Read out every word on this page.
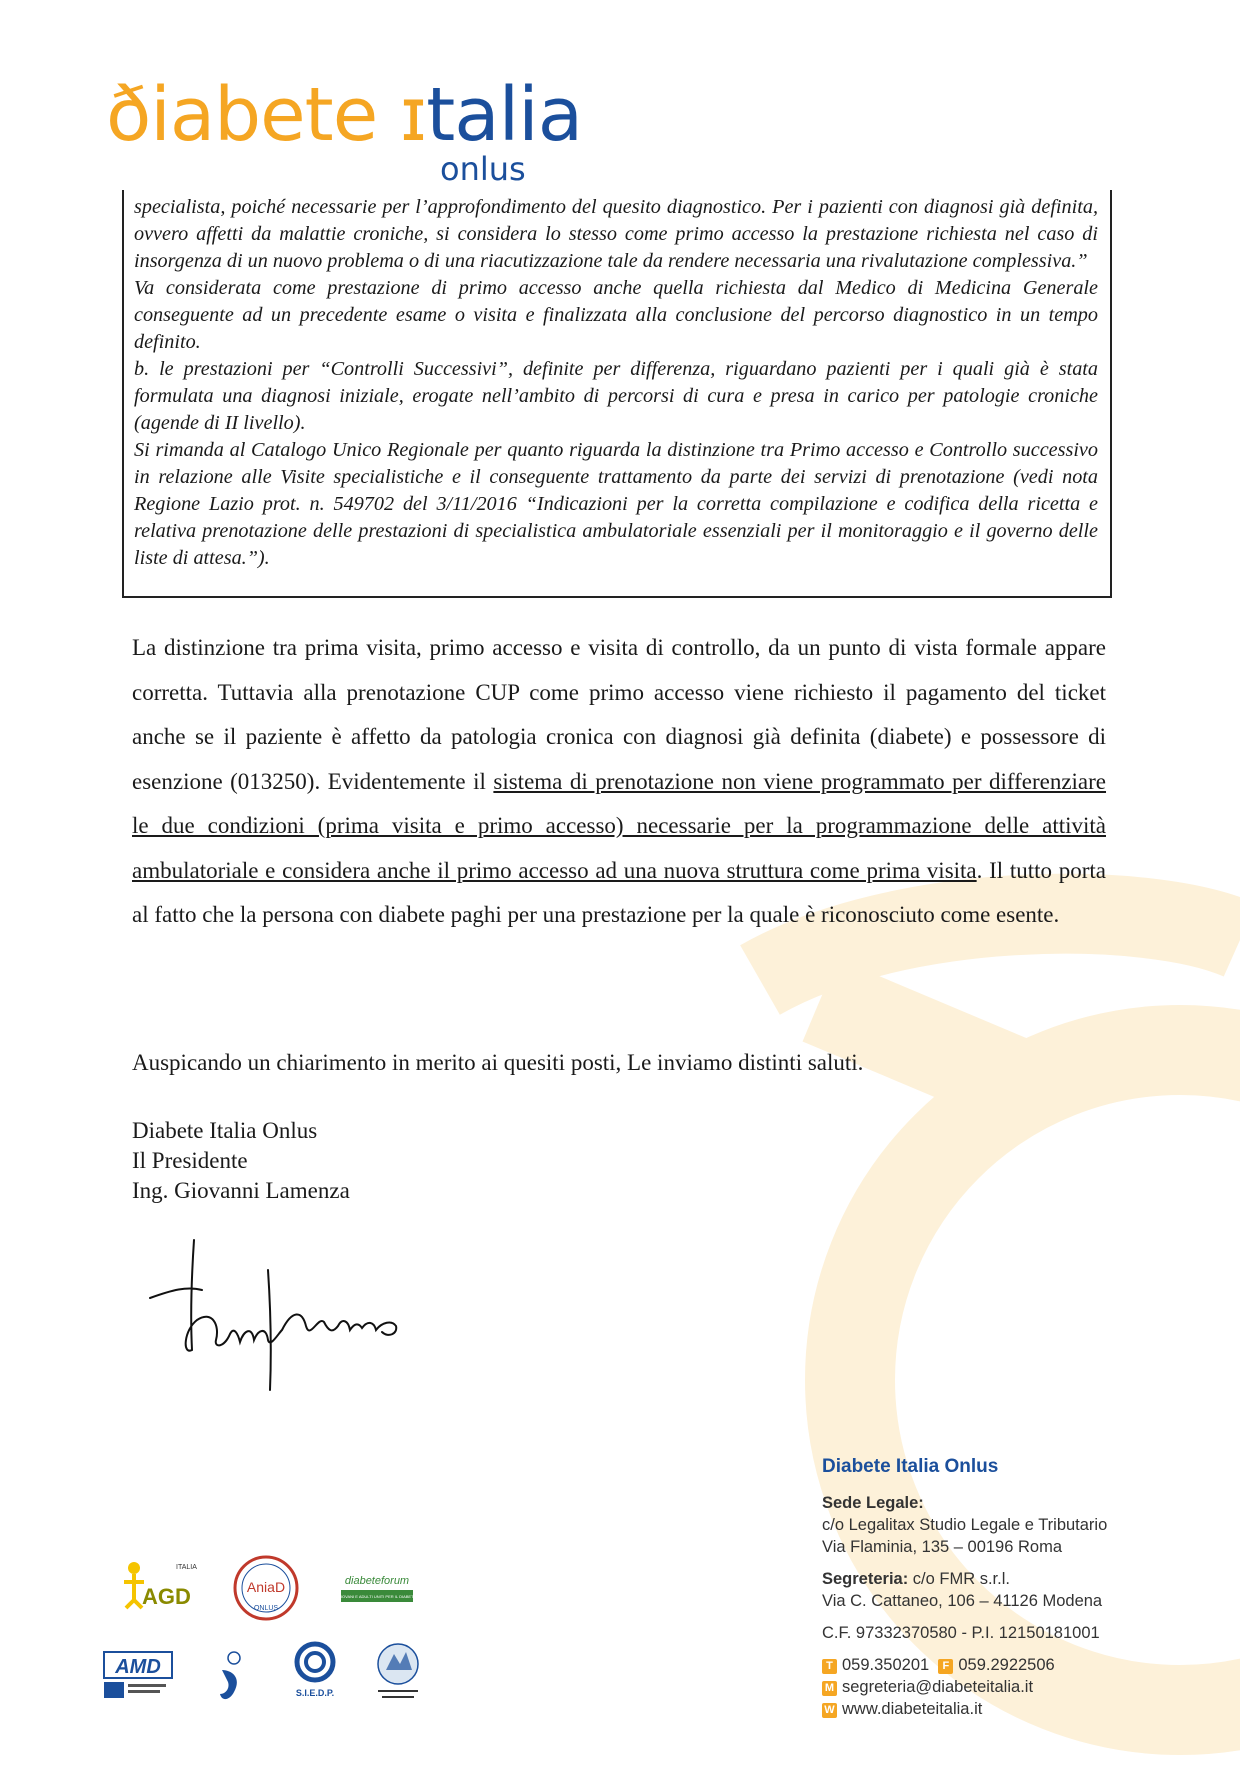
ðiabete ɪtalia
onlus

specialista, poiché necessarie per l’approfondimento del quesito diagnostico. Per i pazienti con diagnosi già definita, ovvero affetti da malattie croniche, si considera lo stesso come primo accesso la prestazione richiesta nel caso di insorgenza di un nuovo problema o di una riacutizzazione tale da rendere necessaria una rivalutazione complessiva.”

Va considerata come prestazione di primo accesso anche quella richiesta dal Medico di Medicina Generale conseguente ad un precedente esame o visita e finalizzata alla conclusione del percorso diagnostico in un tempo definito.

b. le prestazioni per “Controlli Successivi”, definite per differenza, riguardano pazienti per i quali già è stata formulata una diagnosi iniziale, erogate nell’ambito di percorsi di cura e presa in carico per patologie croniche (agende di II livello).

Si rimanda al Catalogo Unico Regionale per quanto riguarda la distinzione tra Primo accesso e Controllo successivo in relazione alle Visite specialistiche e il conseguente trattamento da parte dei servizi di prenotazione (vedi nota Regione Lazio prot. n. 549702 del 3/11/2016 “Indicazioni per la corretta compilazione e codifica della ricetta e relativa prenotazione delle prestazioni di specialistica ambulatoriale essenziali per il monitoraggio e il governo delle liste di attesa.”).

La distinzione tra prima visita, primo accesso e visita di controllo, da un punto di vista formale appare corretta. Tuttavia alla prenotazione CUP come primo accesso viene richiesto il pagamento del ticket anche se il paziente è affetto da patologia cronica con diagnosi già definita (diabete) e possessore di esenzione (013250). Evidentemente il sistema di prenotazione non viene programmato per differenziare le due condizioni (prima visita e primo accesso) necessarie per la programmazione delle attività ambulatoriale e considera anche il primo accesso ad una nuova struttura come prima visita. Il tutto porta al fatto che la persona con diabete paghi per una prestazione per la quale è riconosciuto come esente.

Auspicando un chiarimento in merito ai quesiti posti, Le inviamo distinti saluti.

Diabete Italia Onlus
Il Presidente
Ing. Giovanni Lamenza
Diabete Italia Onlus
Sede Legale:
c/o Legalitax Studio Legale e Tributario
Via Flaminia, 135 – 00196 Roma
Segreteria: c/o FMR s.r.l.
Via C. Cattaneo, 106 – 41126 Modena
C.F. 97332370580 - P.I. 12150181001
T 059.350201 F 059.2922506
M segreteria@diabeteitalia.it
W www.diabeteitalia.it
ITALIA
AGD	AniaD
ONLUS
diabeteforum
GIOVANI E ADULTI UNITI PER IL DIABETE
AMD
S.I.E.D.P.
